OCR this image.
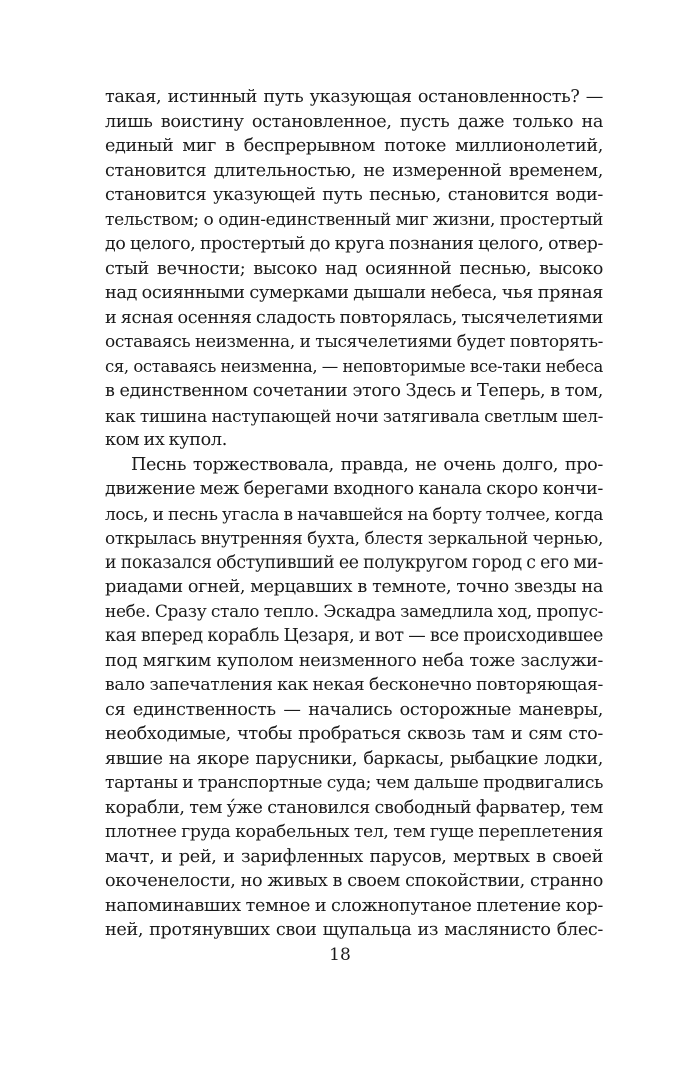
такая, истинный путь указующая остановленность? —
лишь воистину остановленное, пусть даже только на
единый миг в беспрерывном потоке миллионолетий,
становится длительностью, не измеренной временем,
становится указующей путь песнью, становится води-
тельством; о один-единственный миг жизни, простертый
до целого, простертый до круга познания целого, отвер-
стый вечности; высоко над осиянной песнью, высоко
над осиянными сумерками дышали небеса, чья пряная
и ясная осенняя сладость повторялась, тысячелетиями
оставаясь неизменна, и тысячелетиями будет повторять-
ся, оставаясь неизменна, — неповторимые все-таки небеса
в единственном сочетании этого Здесь и Теперь, в том,
как тишина наступающей ночи затягивала светлым шел-
ком их купол.
Песнь торжествовала, правда, не очень долго, про-
движение меж берегами входного канала скоро кончи-
лось, и песнь угасла в начавшейся на борту толчее, когда
открылась внутренняя бухта, блестя зеркальной чернью,
и показался обступивший ее полукругом город с его ми-
риадами огней, мерцавших в темноте, точно звезды на
небе. Сразу стало тепло. Эскадра замедлила ход, пропус-
кая вперед корабль Цезаря, и вот — все происходившее
под мягким куполом неизменного неба тоже заслужи-
вало запечатления как некая бесконечно повторяющая-
ся единственность — начались осторожные маневры,
необходимые, чтобы пробраться сквозь там и сям сто-
явшие на якоре парусники, баркасы, рыбацкие лодки,
тартаны и транспортные суда; чем дальше продвигались
корабли, тем у́же становился свободный фарватер, тем
плотнее груда корабельных тел, тем гуще переплетения
мачт, и рей, и зарифленных парусов, мертвых в своей
окоченелости, но живых в своем спокойствии, странно
напоминавших темное и сложнопутаное плетение кор-
ней, протянувших свои щупальца из маслянисто блес-
18
